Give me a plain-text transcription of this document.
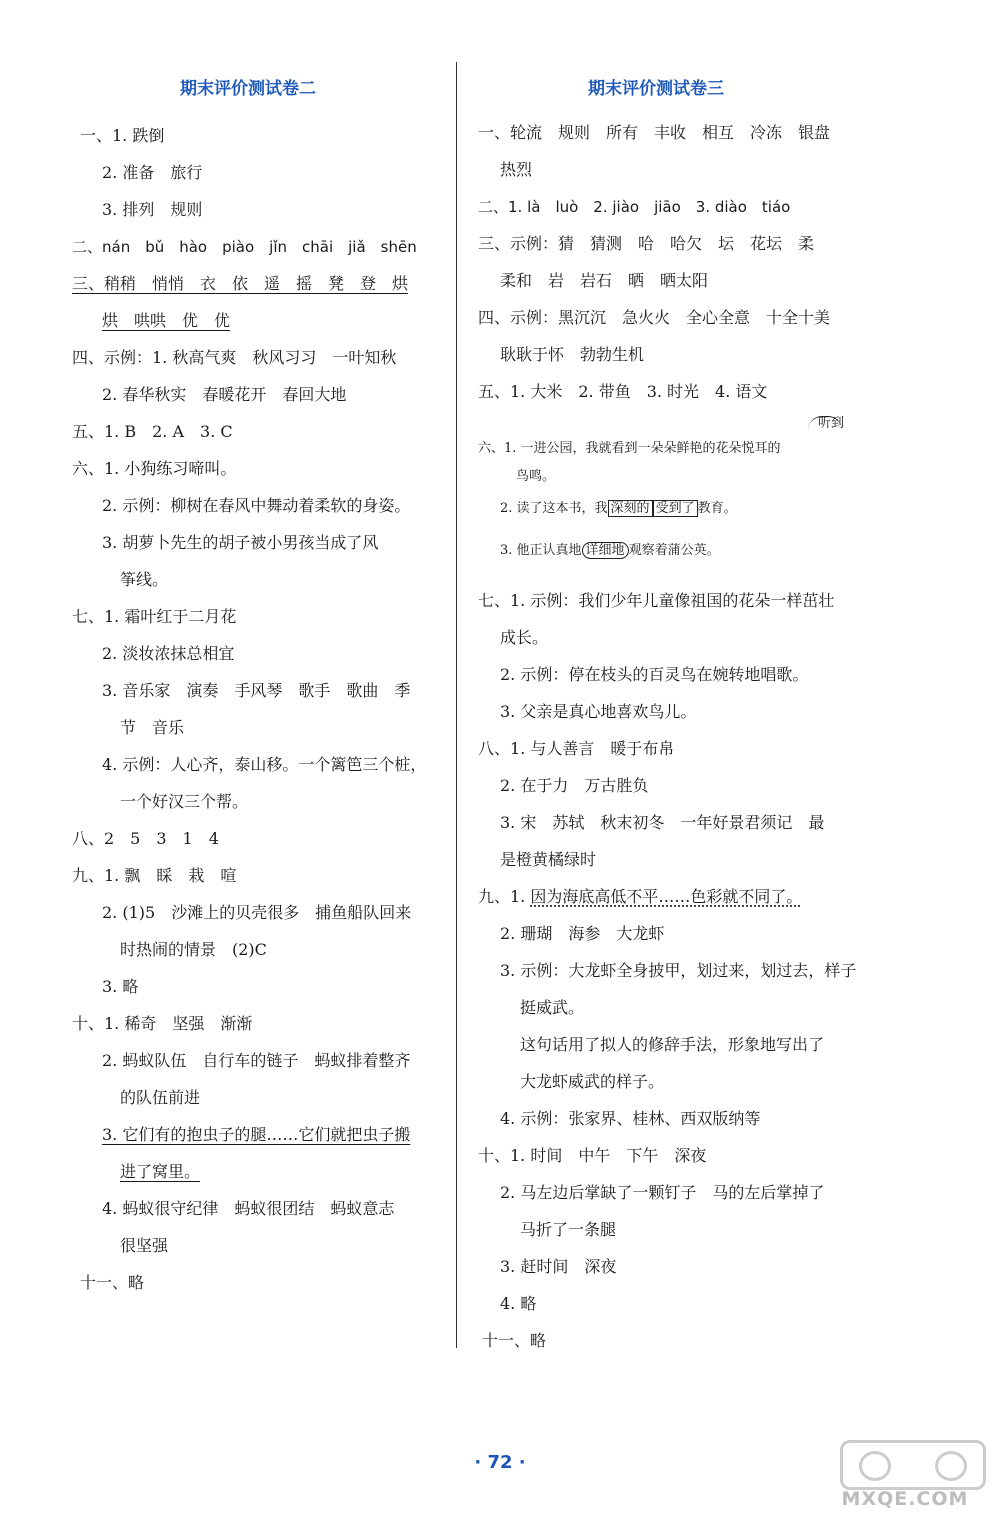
期末评价测试卷二	期末评价测试卷三
一、1. 跌倒
2. 准备　旅行
3. 排列　规则
二、nán　bǔ　hào　piào　jǐn　chāi　jiǎ　shēn
三、稍稍　悄悄　衣　依　遥　摇　凳　登　烘
烘　哄哄　优　优
四、示例：1. 秋高气爽　秋风习习　一叶知秋
2. 春华秋实　春暖花开　春回大地
五、1. B　2. A　3. C
六、1. 小狗练习啼叫。
2. 示例：柳树在春风中舞动着柔软的身姿。
3. 胡萝卜先生的胡子被小男孩当成了风
筝线。
七、1. 霜叶红于二月花
2. 淡妆浓抹总相宜
3. 音乐家　演奏　手风琴　歌手　歌曲　季
节　音乐
4. 示例：人心齐，泰山移。一个篱笆三个桩，
一个好汉三个帮。
八、2　5　3　1　4
九、1. 飘　睬　栽　喧
2. (1)5　沙滩上的贝壳很多　捕鱼船队回来
时热闹的情景　(2)C
3. 略
十、1. 稀奇　坚强　渐渐
2. 蚂蚁队伍　自行车的链子　蚂蚁排着整齐
的队伍前进
3. 它们有的抱虫子的腿……它们就把虫子搬
进了窝里。
4. 蚂蚁很守纪律　蚂蚁很团结　蚂蚁意志
很坚强
十一、略
一、轮流　规则　所有　丰收　相互　冷冻　银盘
热烈
二、1. là　luò　2. jiào　jiāo　3. diào　tiáo
三、示例：猜　猜测　哈　哈欠　坛　花坛　柔
柔和　岩　岩石　晒　晒太阳
四、示例：黑沉沉　急火火　全心全意　十全十美
耿耿于怀　勃勃生机
五、1. 大米　2. 带鱼　3. 时光　4. 语文
听到
六、1. 一进公园，我就看到一朵朵鲜艳的花朵悦耳的
鸟鸣。
2. 读了这本书，我 深刻的 受到了 教育。
3. 他正认真地 详细地 观察着蒲公英。
七、1. 示例：我们少年儿童像祖国的花朵一样茁壮
成长。
2. 示例：停在枝头的百灵鸟在婉转地唱歌。
3. 父亲是真心地喜欢鸟儿。
八、1. 与人善言　暖于布帛
2. 在于力　万古胜负
3. 宋　苏轼　秋末初冬　一年好景君须记　最
是橙黄橘绿时
九、1. 因为海底高低不平……色彩就不同了。
2. 珊瑚　海参　大龙虾
3. 示例：大龙虾全身披甲，划过来，划过去，样子
挺威武。
这句话用了拟人的修辞手法，形象地写出了
大龙虾威武的样子。
4. 示例：张家界、桂林、西双版纳等
十、1. 时间　中午　下午　深夜
2. 马左边后掌缺了一颗钉子　马的左后掌掉了
马折了一条腿
3. 赶时间　深夜
4. 略
十一、略
· 72 ·
MXQE.COM
